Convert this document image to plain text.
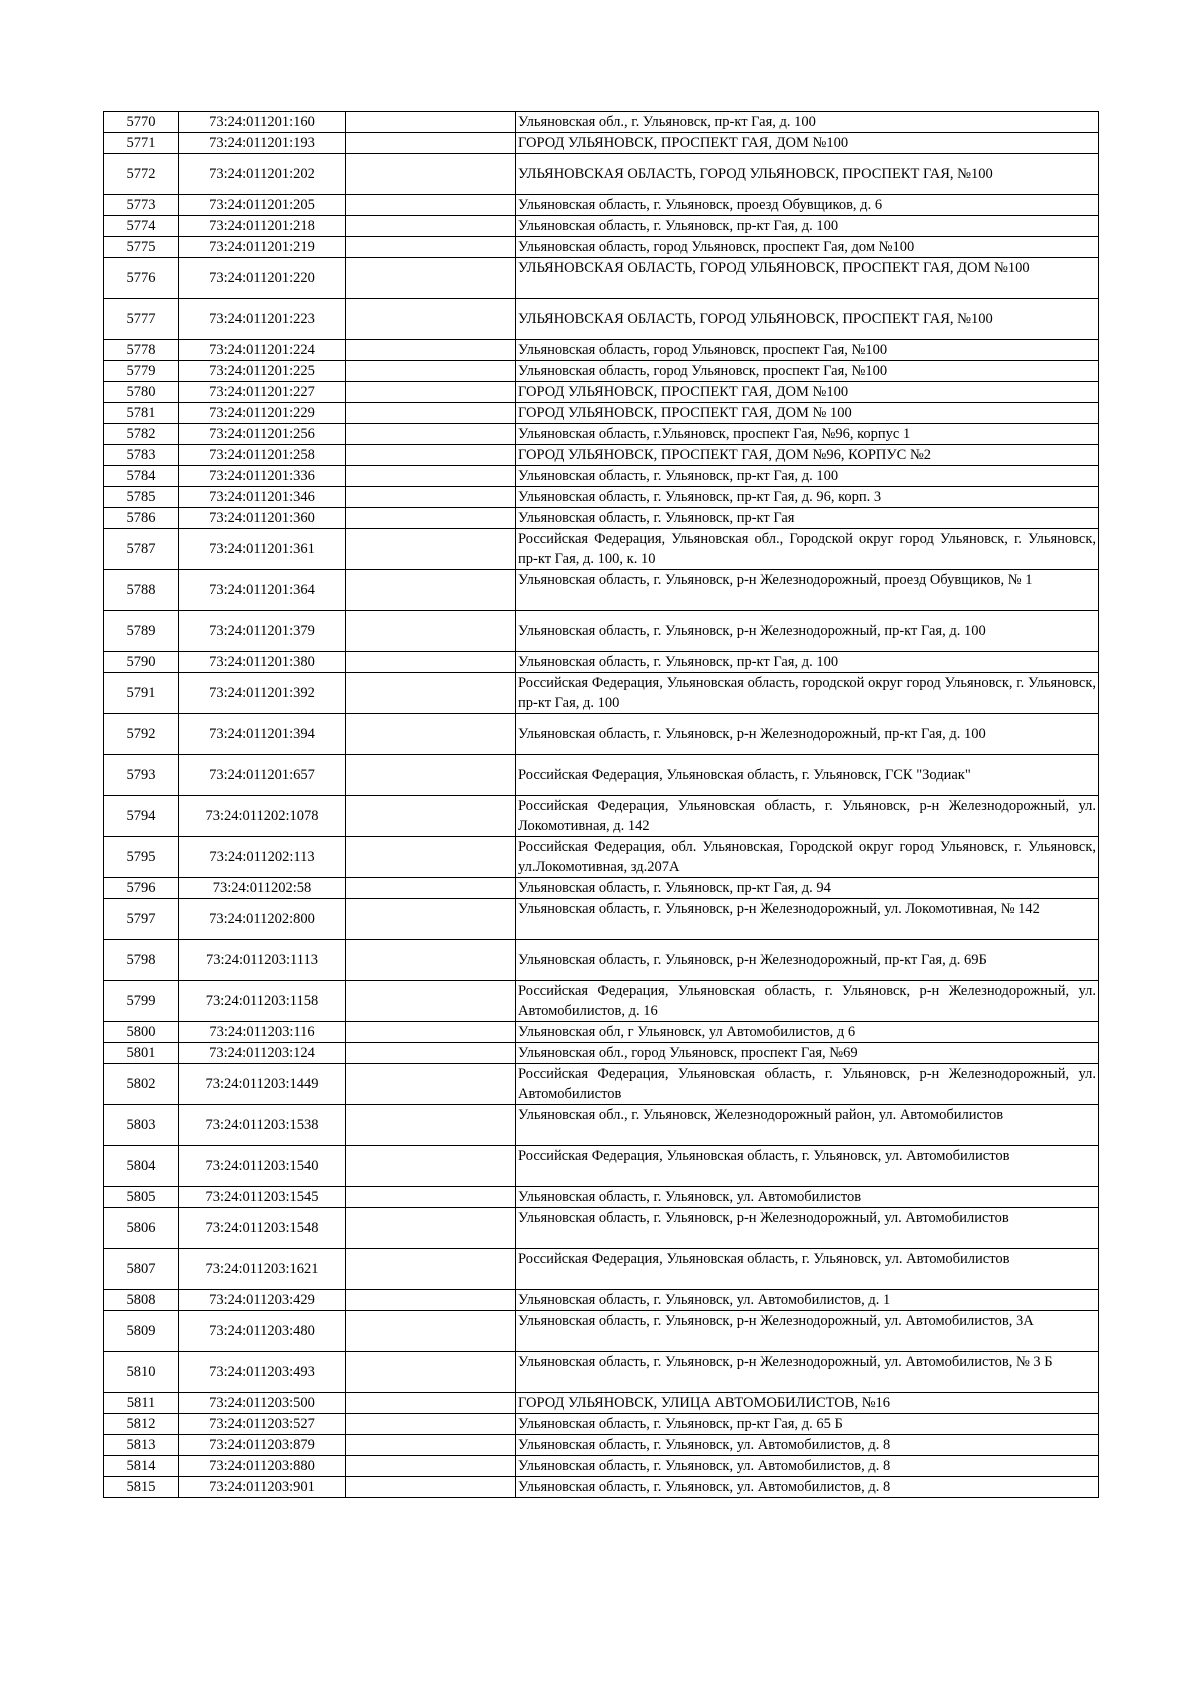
5770	73:24:011201:160		Ульяновская обл., г. Ульяновск, пр-кт Гая, д. 100
5771	73:24:011201:193		ГОРОД УЛЬЯНОВСК, ПРОСПЕКТ ГАЯ, ДОМ №100
5772	73:24:011201:202		УЛЬЯНОВСКАЯ ОБЛАСТЬ, ГОРОД УЛЬЯНОВСК, ПРОСПЕКТ ГАЯ, №100
5773	73:24:011201:205		Ульяновская область, г. Ульяновск, проезд Обувщиков, д. 6
5774	73:24:011201:218		Ульяновская область, г. Ульяновск, пр-кт Гая, д. 100
5775	73:24:011201:219		Ульяновская область, город Ульяновск, проспект Гая, дом №100
5776	73:24:011201:220		УЛЬЯНОВСКАЯ ОБЛАСТЬ, ГОРОД УЛЬЯНОВСК, ПРОСПЕКТ ГАЯ, ДОМ №100
5777	73:24:011201:223		УЛЬЯНОВСКАЯ ОБЛАСТЬ, ГОРОД УЛЬЯНОВСК, ПРОСПЕКТ ГАЯ, №100
5778	73:24:011201:224		Ульяновская область, город Ульяновск, проспект Гая, №100
5779	73:24:011201:225		Ульяновская область, город Ульяновск, проспект Гая, №100
5780	73:24:011201:227		ГОРОД УЛЬЯНОВСК, ПРОСПЕКТ ГАЯ, ДОМ №100
5781	73:24:011201:229		ГОРОД УЛЬЯНОВСК, ПРОСПЕКТ ГАЯ, ДОМ № 100
5782	73:24:011201:256		Ульяновская область, г.Ульяновск, проспект Гая, №96, корпус 1
5783	73:24:011201:258		ГОРОД УЛЬЯНОВСК, ПРОСПЕКТ ГАЯ, ДОМ №96, КОРПУС №2
5784	73:24:011201:336		Ульяновская область, г. Ульяновск, пр-кт Гая, д. 100
5785	73:24:011201:346		Ульяновская область, г. Ульяновск, пр-кт Гая, д. 96, корп. 3
5786	73:24:011201:360		Ульяновская область, г. Ульяновск, пр-кт Гая
5787	73:24:011201:361		Российская Федерация, Ульяновская обл., Городской округ город Ульяновск, г. Ульяновск, пр-кт Гая, д. 100, к. 10
5788	73:24:011201:364		Ульяновская область, г. Ульяновск, р-н Железнодорожный, проезд Обувщиков, № 1
5789	73:24:011201:379		Ульяновская область, г. Ульяновск, р-н Железнодорожный, пр-кт Гая, д. 100
5790	73:24:011201:380		Ульяновская область, г. Ульяновск, пр-кт Гая, д. 100
5791	73:24:011201:392		Российская Федерация, Ульяновская область, городской округ город Ульяновск, г. Ульяновск, пр-кт Гая, д. 100
5792	73:24:011201:394		Ульяновская область, г. Ульяновск, р-н Железнодорожный, пр-кт Гая, д. 100
5793	73:24:011201:657		Российская Федерация, Ульяновская область, г. Ульяновск, ГСК "Зодиак"
5794	73:24:011202:1078		Российская Федерация, Ульяновская область, г. Ульяновск, р-н Железнодорожный, ул. Локомотивная, д. 142
5795	73:24:011202:113		Российская Федерация, обл. Ульяновская, Городской округ город Ульяновск, г. Ульяновск, ул.Локомотивная, зд.207А
5796	73:24:011202:58		Ульяновская область, г. Ульяновск, пр-кт Гая, д. 94
5797	73:24:011202:800		Ульяновская область, г. Ульяновск, р-н Железнодорожный, ул. Локомотивная, № 142
5798	73:24:011203:1113		Ульяновская область, г. Ульяновск, р-н Железнодорожный, пр-кт Гая, д. 69Б
5799	73:24:011203:1158		Российская Федерация, Ульяновская область, г. Ульяновск, р-н Железнодорожный, ул. Автомобилистов, д. 16
5800	73:24:011203:116		Ульяновская обл, г Ульяновск, ул Автомобилистов, д 6
5801	73:24:011203:124		Ульяновская обл., город Ульяновск, проспект Гая, №69
5802	73:24:011203:1449		Российская Федерация, Ульяновская область, г. Ульяновск, р-н Железнодорожный, ул. Автомобилистов
5803	73:24:011203:1538		Ульяновская обл., г. Ульяновск, Железнодорожный район, ул. Автомобилистов
5804	73:24:011203:1540		Российская Федерация, Ульяновская область, г. Ульяновск, ул. Автомобилистов
5805	73:24:011203:1545		Ульяновская область, г. Ульяновск, ул. Автомобилистов
5806	73:24:011203:1548		Ульяновская область, г. Ульяновск, р-н Железнодорожный, ул. Автомобилистов
5807	73:24:011203:1621		Российская Федерация, Ульяновская область, г. Ульяновск, ул. Автомобилистов
5808	73:24:011203:429		Ульяновская область, г. Ульяновск, ул. Автомобилистов, д. 1
5809	73:24:011203:480		Ульяновская область, г. Ульяновск, р-н Железнодорожный, ул. Автомобилистов, 3А
5810	73:24:011203:493		Ульяновская область, г. Ульяновск, р-н Железнодорожный, ул. Автомобилистов, № 3 Б
5811	73:24:011203:500		ГОРОД УЛЬЯНОВСК, УЛИЦА АВТОМОБИЛИСТОВ, №16
5812	73:24:011203:527		Ульяновская область, г. Ульяновск, пр-кт Гая, д. 65 Б
5813	73:24:011203:879		Ульяновская область, г. Ульяновск, ул. Автомобилистов, д. 8
5814	73:24:011203:880		Ульяновская область, г. Ульяновск, ул. Автомобилистов, д. 8
5815	73:24:011203:901		Ульяновская область, г. Ульяновск, ул. Автомобилистов, д. 8
